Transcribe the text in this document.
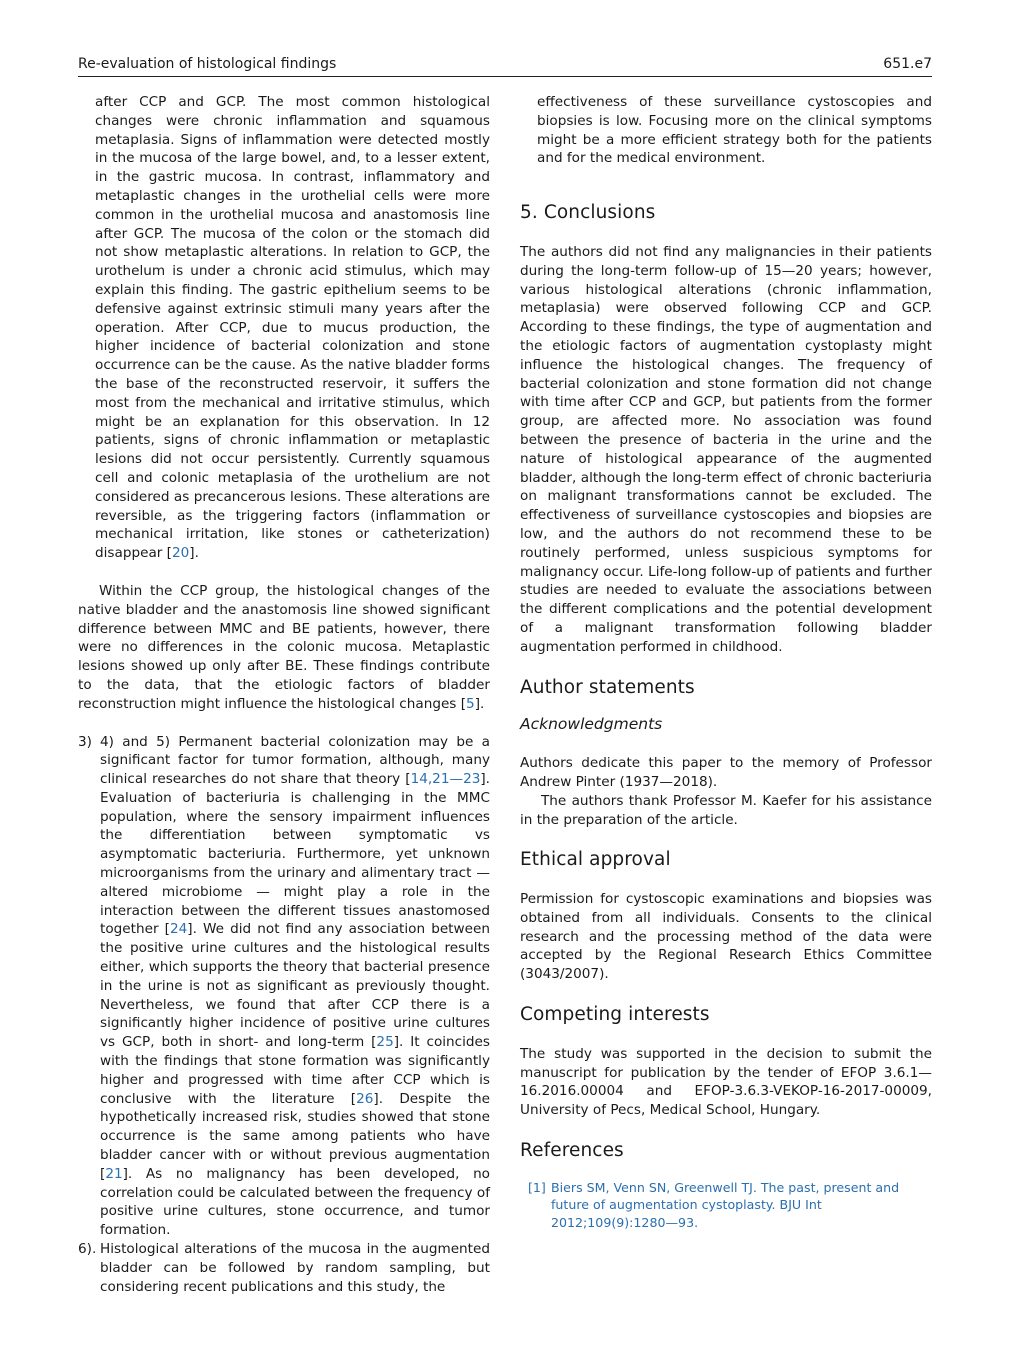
Re-evaluation of histological findings	651.e7

after CCP and GCP. The most common histological changes were chronic inflammation and squamous metaplasia. Signs of inflammation were detected mostly in the mucosa of the large bowel, and, to a lesser extent, in the gastric mucosa. In contrast, inflammatory and metaplastic changes in the urothelial cells were more common in the urothelial mucosa and anastomosis line after GCP. The mucosa of the colon or the stomach did not show metaplastic alterations. In relation to GCP, the urothelum is under a chronic acid stimulus, which may explain this finding. The gastric epithelium seems to be defensive against extrinsic stimuli many years after the operation. After CCP, due to mucus production, the higher incidence of bacterial colonization and stone occurrence can be the cause. As the native bladder forms the base of the reconstructed reservoir, it suffers the most from the mechanical and irritative stimulus, which might be an explanation for this observation. In 12 patients, signs of chronic inflammation or metaplastic lesions did not occur persistently. Currently squamous cell and colonic metaplasia of the urothelium are not considered as precancerous lesions. These alterations are reversible, as the triggering factors (inflammation or mechanical irritation, like stones or catheterization) disappear [20].

Within the CCP group, the histological changes of the native bladder and the anastomosis line showed significant difference between MMC and BE patients, however, there were no differences in the colonic mucosa. Metaplastic lesions showed up only after BE. These findings contribute to the data, that the etiologic factors of bladder reconstruction might influence the histological changes [5].

3) 4) and 5) Permanent bacterial colonization may be a significant factor for tumor formation, although, many clinical researches do not share that theory [14,21—23]. Evaluation of bacteriuria is challenging in the MMC population, where the sensory impairment influences the differentiation between symptomatic vs asymptomatic bacteriuria. Furthermore, yet unknown microorganisms from the urinary and alimentary tract — altered microbiome — might play a role in the interaction between the different tissues anastomosed together [24]. We did not find any association between the positive urine cultures and the histological results either, which supports the theory that bacterial presence in the urine is not as significant as previously thought. Nevertheless, we found that after CCP there is a significantly higher incidence of positive urine cultures vs GCP, both in short- and long-term [25]. It coincides with the findings that stone formation was significantly higher and progressed with time after CCP which is conclusive with the literature [26]. Despite the hypothetically increased risk, studies showed that stone occurrence is the same among patients who have bladder cancer with or without previous augmentation [21]. As no malignancy has been developed, no correlation could be calculated between the frequency of positive urine cultures, stone occurrence, and tumor formation.
6). Histological alterations of the mucosa in the augmented bladder can be followed by random sampling, but considering recent publications and this study, the

effectiveness of these surveillance cystoscopies and biopsies is low. Focusing more on the clinical symptoms might be a more efficient strategy both for the patients and for the medical environment.

5. Conclusions

The authors did not find any malignancies in their patients during the long-term follow-up of 15—20 years; however, various histological alterations (chronic inflammation, metaplasia) were observed following CCP and GCP. According to these findings, the type of augmentation and the etiologic factors of augmentation cystoplasty might influence the histological changes. The frequency of bacterial colonization and stone formation did not change with time after CCP and GCP, but patients from the former group, are affected more. No association was found between the presence of bacteria in the urine and the nature of histological appearance of the augmented bladder, although the long-term effect of chronic bacteriuria on malignant transformations cannot be excluded. The effectiveness of surveillance cystoscopies and biopsies are low, and the authors do not recommend these to be routinely performed, unless suspicious symptoms for malignancy occur. Life-long follow-up of patients and further studies are needed to evaluate the associations between the different complications and the potential development of a malignant transformation following bladder augmentation performed in childhood.

Author statements
Acknowledgments

Authors dedicate this paper to the memory of Professor Andrew Pinter (1937—2018).

The authors thank Professor M. Kaefer for his assistance in the preparation of the article.

Ethical approval

Permission for cystoscopic examinations and biopsies was obtained from all individuals. Consents to the clinical research and the processing method of the data were accepted by the Regional Research Ethics Committee (3043/2007).

Competing interests

The study was supported in the decision to submit the manuscript for publication by the tender of EFOP 3.6.1—16.2016.00004 and EFOP-3.6.3-VEKOP-16-2017-00009, University of Pecs, Medical School, Hungary.

References
[1] Biers SM, Venn SN, Greenwell TJ. The past, present and future of augmentation cystoplasty. BJU Int 2012;109(9):1280—93.
